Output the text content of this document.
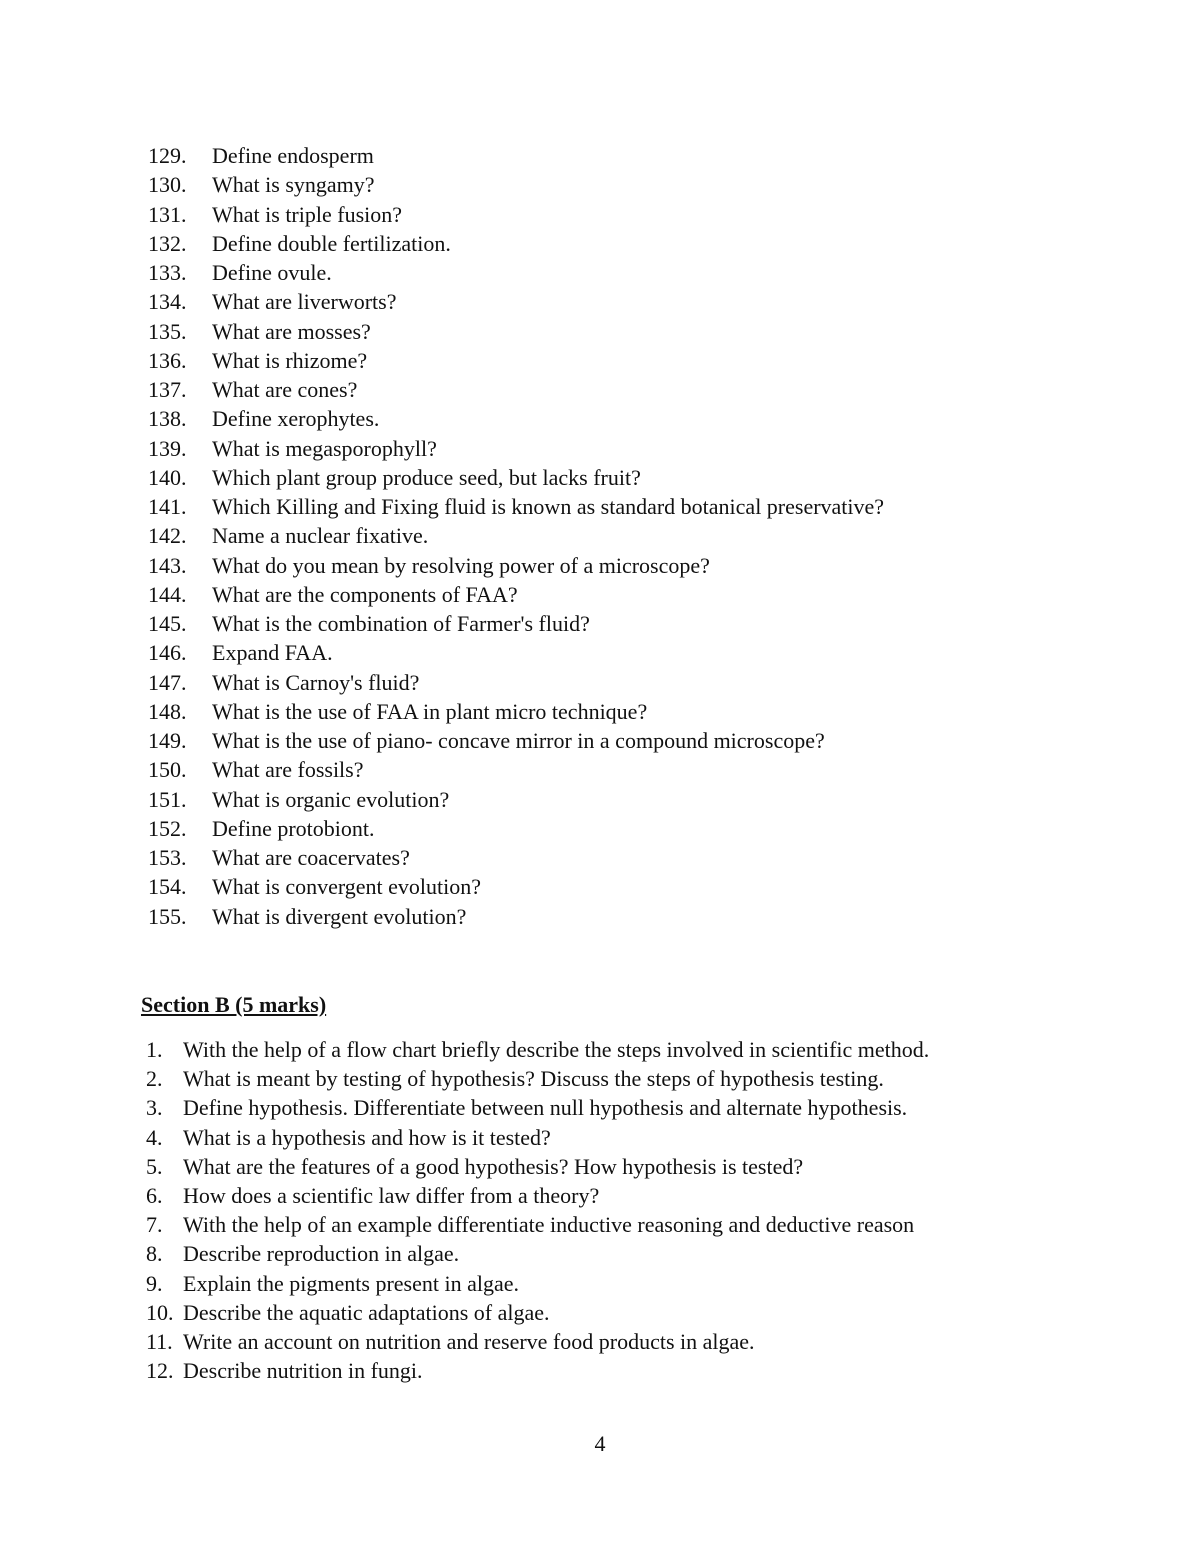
129.	Define endosperm
130.	What is syngamy?
131.	What is triple fusion?
132.	Define double fertilization.
133.	Define ovule.
134.	What are liverworts?
135.	What are mosses?
136.	What is rhizome?
137.	What are cones?
138.	Define xerophytes.
139.	What is megasporophyll?
140.	Which plant group produce seed, but lacks fruit?
141.	Which Killing and Fixing fluid is known as standard botanical preservative?
142.	Name a nuclear fixative.
143.	What do you mean by resolving power of a microscope?
144.	What are the components of FAA?
145.	What is the combination of Farmer's fluid?
146.	Expand FAA.
147.	What is Carnoy's fluid?
148.	What is the use of FAA in plant micro technique?
149.	What is the use of piano- concave mirror in a compound microscope?
150.	What are fossils?
151.	What is organic evolution?
152.	Define protobiont.
153.	What are coacervates?
154.	What is convergent evolution?
155.	What is divergent evolution?
Section B (5 marks)
1. With the help of a flow chart briefly describe the steps involved in scientific method.
2. What is meant by testing of hypothesis? Discuss the steps of hypothesis testing.
3. Define hypothesis. Differentiate between null hypothesis and alternate hypothesis.
4. What is a hypothesis and how is it tested?
5. What are the features of a good hypothesis? How hypothesis is tested?
6. How does a scientific law differ from a theory?
7. With the help of an example differentiate inductive reasoning and deductive reason
8. Describe reproduction in algae.
9. Explain the pigments present in algae.
10. Describe the aquatic adaptations of algae.
11. Write an account on nutrition and reserve food products in algae.
12. Describe nutrition in fungi.
4
